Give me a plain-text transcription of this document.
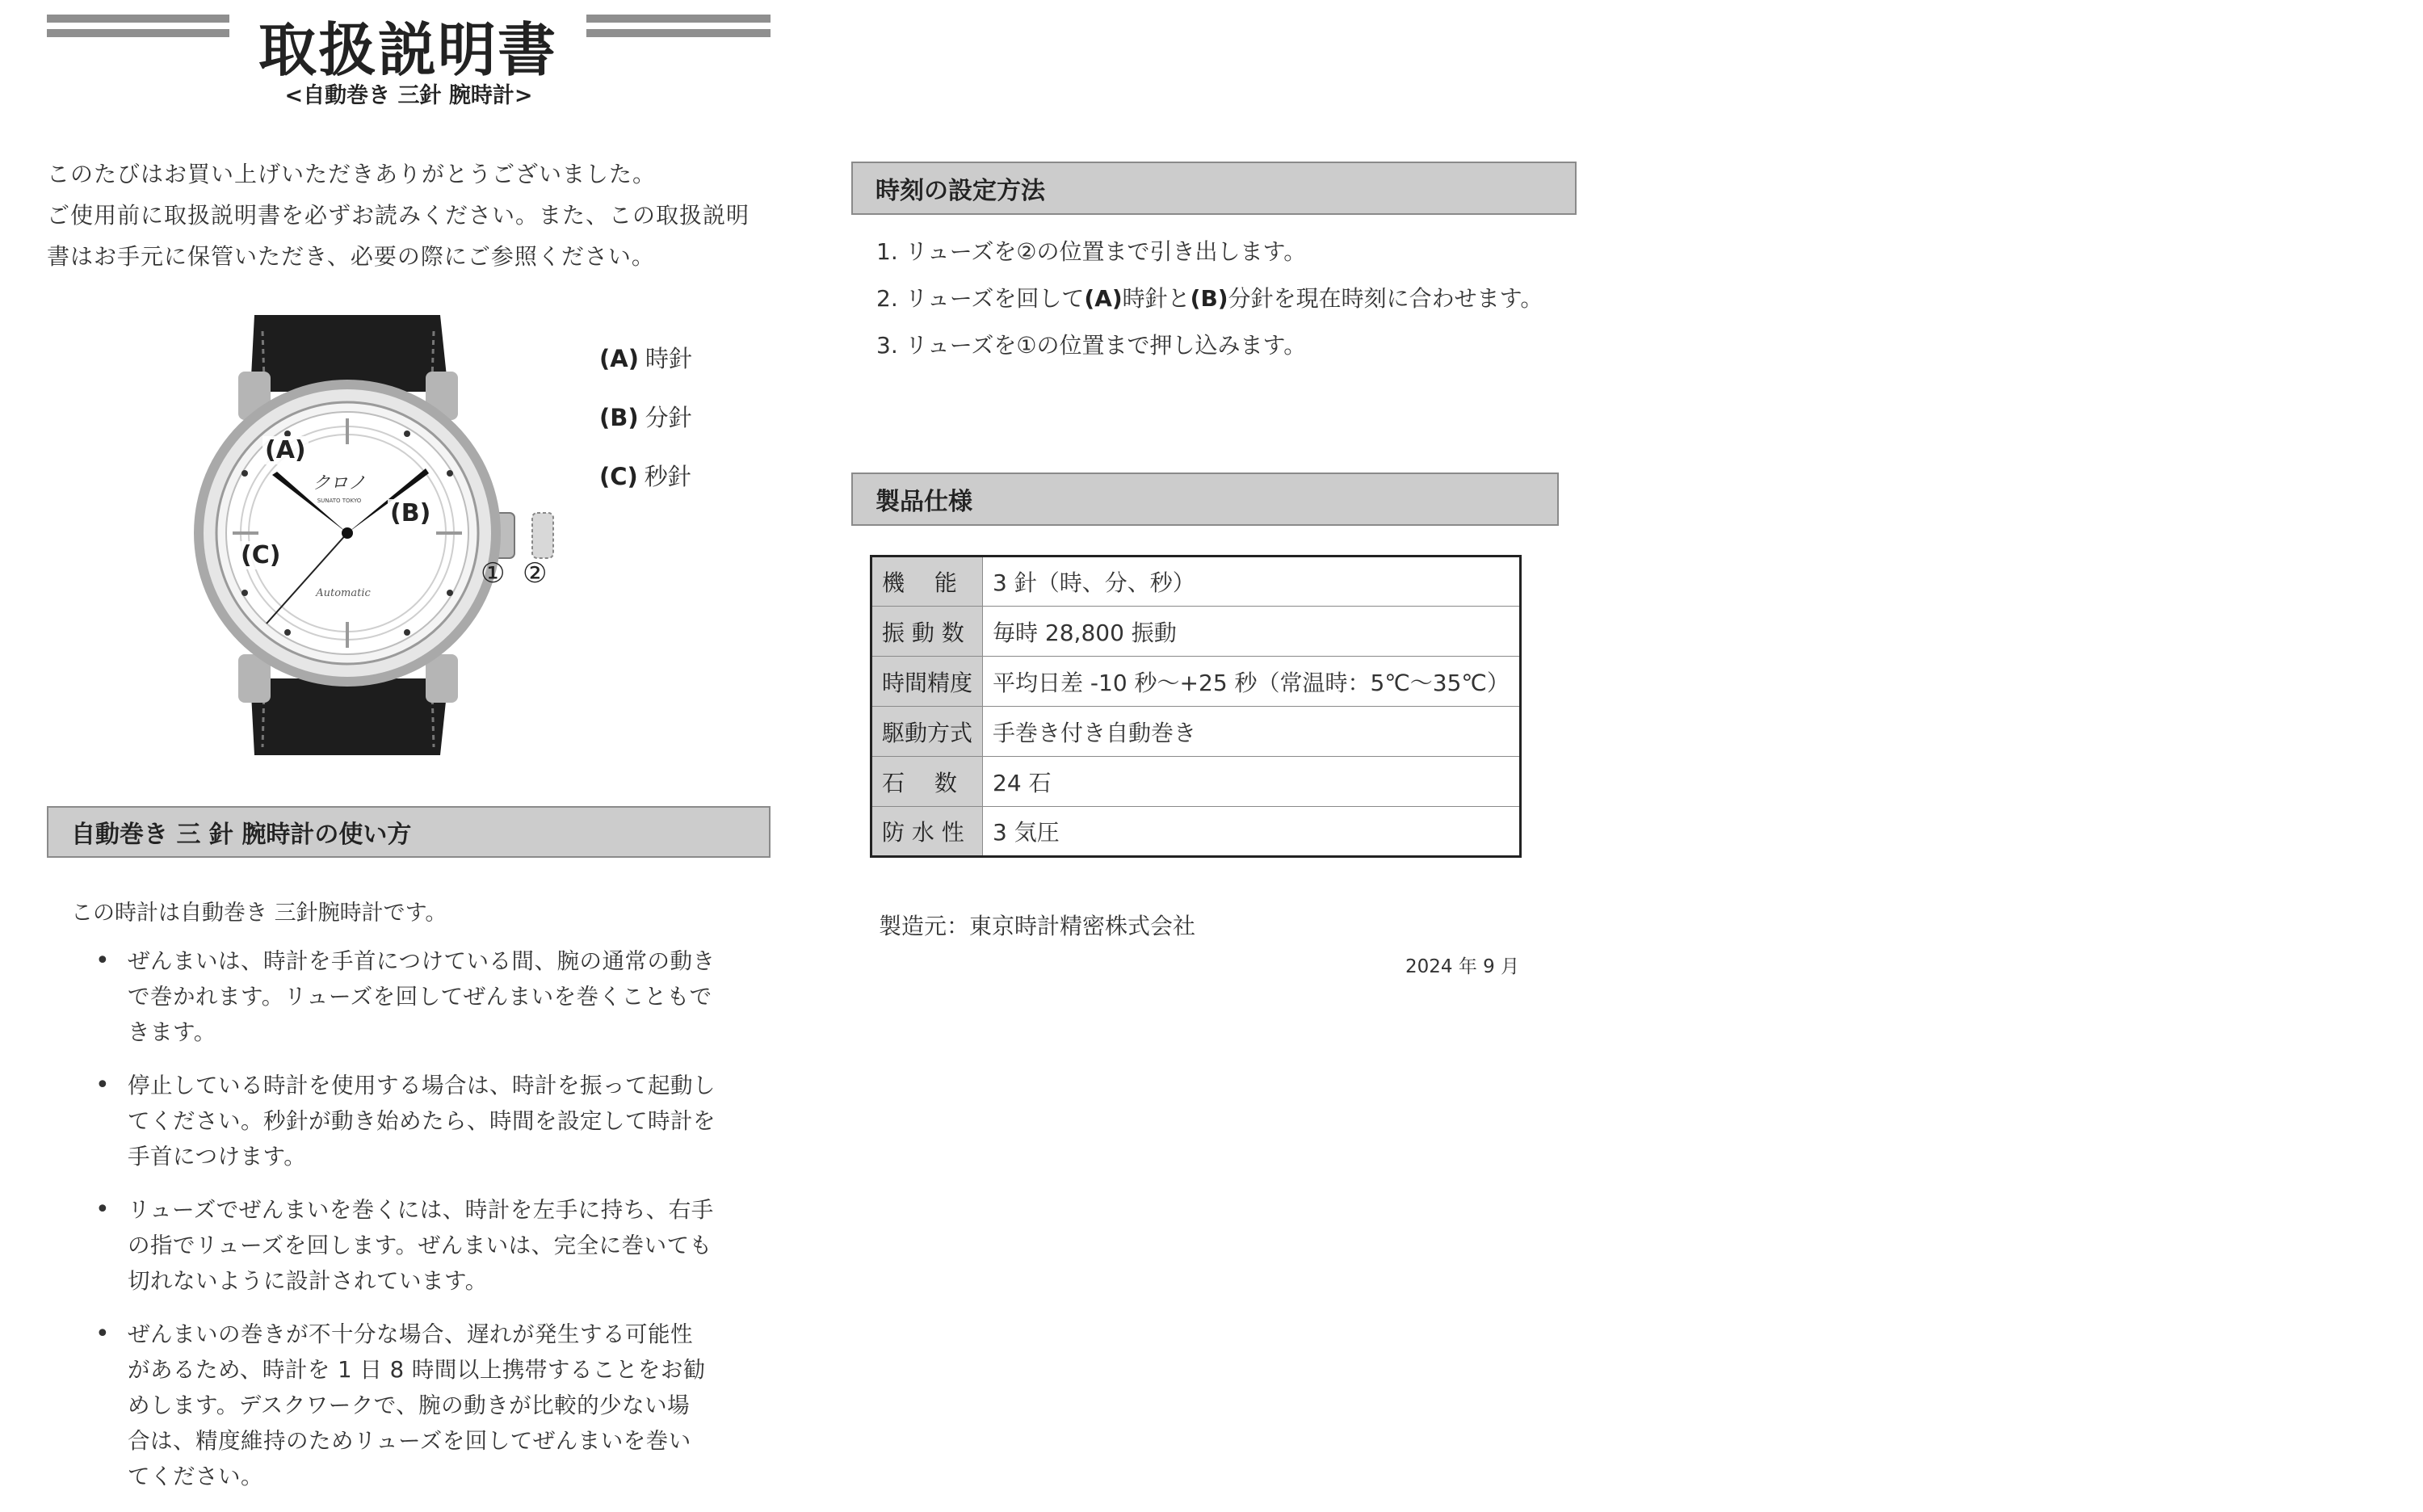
取扱説明書
<自動巻き 三針 腕時計>
このたびはお買い上げいただきありがとうございました。
ご使用前に取扱説明書を必ずお読みください。また、この取扱説明
書はお手元に保管いただき、必要の際にご参照ください。
クロノ
SUNATO TOKYO
Automatic
(A)
(B)
(C)
① ②
(A) 時針
(B) 分針
(C) 秒針
自動巻き 三 針 腕時計の使い方
この時計は自動巻き 三針腕時計です。
• ぜんまいは、時計を手首につけている間、腕の通常の動き
で巻かれます。リューズを回してぜんまいを巻くこともで
きます。
• 停止している時計を使用する場合は、時計を振って起動し
てください。秒針が動き始めたら、時間を設定して時計を
手首につけます。
• リューズでぜんまいを巻くには、時計を左手に持ち、右手
の指でリューズを回します。ぜんまいは、完全に巻いても
切れないように設計されています。
• ぜんまいの巻きが不十分な場合、遅れが発生する可能性
があるため、時計を 1 日 8 時間以上携帯することをお勧
めします。デスクワークで、腕の動きが比較的少ない場
合は、精度維持のためリューズを回してぜんまいを巻い
てください。
時刻の設定方法
1. リューズを②の位置まで引き出します。
2. リューズを回して(A)時針と(B)分針を現在時刻に合わせます。
3. リューズを①の位置まで押し込みます。
製品仕様
機　 能	3 針（時、分、秒）
振 動 数	毎時 28,800 振動
時間精度	平均日差 -10 秒～+25 秒（常温時：5℃～35℃）
駆動方式	手巻き付き自動巻き
石　 数	24 石
防 水 性	3 気圧
製造元：東京時計精密株式会社
2024 年 9 月
